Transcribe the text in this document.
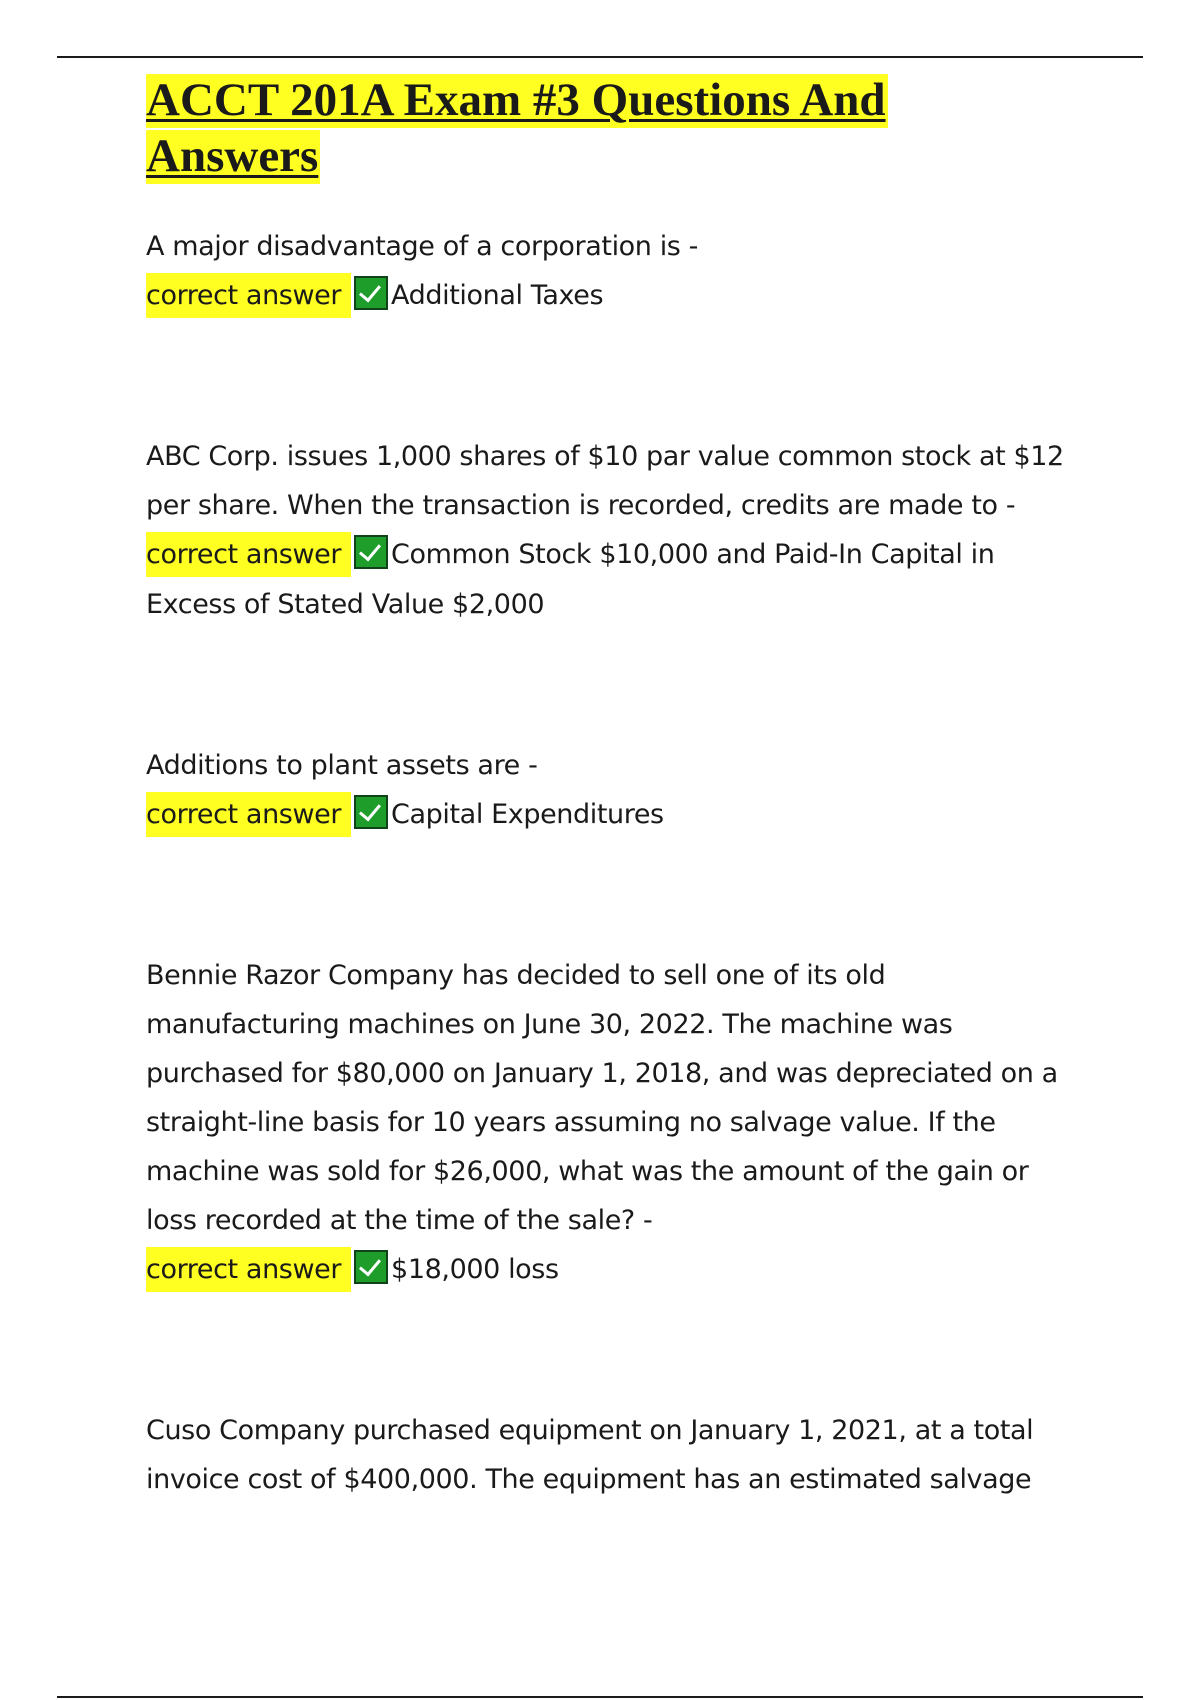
ACCT 201A Exam #3 Questions And Answers

A major disadvantage of a corporation is -

correct answer Additional Taxes

ABC Corp. issues 1,000 shares of $10 par value common stock at $12 per share. When the transaction is recorded, credits are made to -

correct answer Common Stock $10,000 and Paid-In Capital in Excess of Stated Value $2,000

Additions to plant assets are -

correct answer Capital Expenditures

Bennie Razor Company has decided to sell one of its old manufacturing machines on June 30, 2022. The machine was purchased for $80,000 on January 1, 2018, and was depreciated on a straight-line basis for 10 years assuming no salvage value. If the machine was sold for $26,000, what was the amount of the gain or loss recorded at the time of the sale? -

correct answer $18,000 loss

Cuso Company purchased equipment on January 1, 2021, at a total invoice cost of $400,000. The equipment has an estimated salvage
